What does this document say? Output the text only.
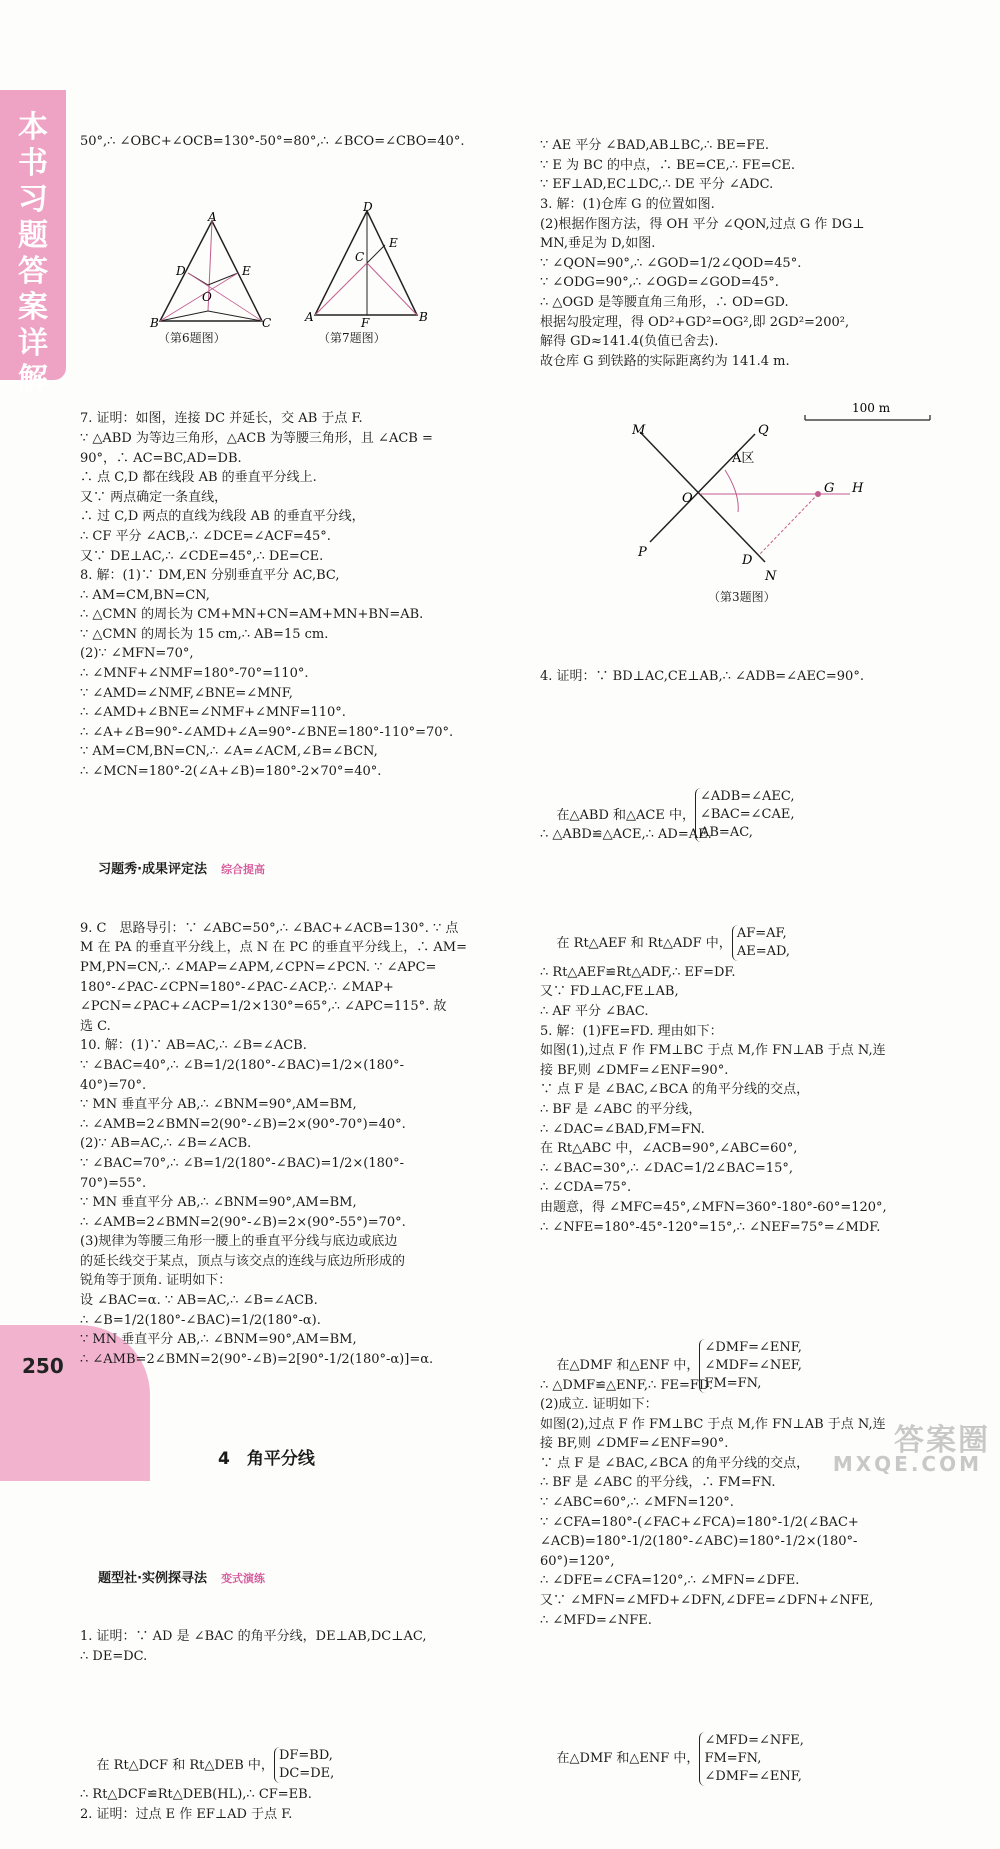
本书习题答案详解
250

50°,∴ ∠OBC+∠OCB=130°-50°=80°,∴ ∠BCO=∠CBO=40°.

A
D	E
O
B	C

D
C
E
A	F	B

（第6题图）

	（第7题图）

7. 证明：如图，连接 DC 并延长，交 AB 于点 F.
∵ △ABD 为等边三角形，△ACB 为等腰三角形，且 ∠ACB =
90°，∴ AC=BC,AD=DB.
∴ 点 C,D 都在线段 AB 的垂直平分线上.
又∵ 两点确定一条直线，
∴ 过 C,D 两点的直线为线段 AB 的垂直平分线，
∴ CF 平分 ∠ACB,∴ ∠DCE=∠ACF=45°.
又∵ DE⊥AC,∴ ∠CDE=45°,∴ DE=CE.
8. 解：(1)∵ DM,EN 分别垂直平分 AC,BC,
∴ AM=CM,BN=CN,
∴ △CMN 的周长为 CM+MN+CN=AM+MN+BN=AB.
∵ △CMN 的周长为 15 cm,∴ AB=15 cm.
(2)∵ ∠MFN=70°,
∴ ∠MNF+∠NMF=180°-70°=110°.
∵ ∠AMD=∠NMF,∠BNE=∠MNF,
∴ ∠AMD+∠BNE=∠NMF+∠MNF=110°.
∴ ∠A+∠B=90°-∠AMD+∠A=90°-∠BNE=180°-110°=70°.
∵ AM=CM,BN=CN,∴ ∠A=∠ACM,∠B=∠BCN,
∴ ∠MCN=180°-2(∠A+∠B)=180°-2×70°=40°.

习题秀·成果评定法 综合提高

9. C　思路导引：∵ ∠ABC=50°,∴ ∠BAC+∠ACB=130°. ∵ 点
M 在 PA 的垂直平分线上，点 N 在 PC 的垂直平分线上，∴ AM=
PM,PN=CN,∴ ∠MAP=∠APM,∠CPN=∠PCN. ∵ ∠APC=
180°-∠PAC-∠CPN=180°-∠PAC-∠ACP,∴ ∠MAP+
∠PCN=∠PAC+∠ACP=1/2×130°=65°,∴ ∠APC=115°. 故
选 C.
10. 解：(1)∵ AB=AC,∴ ∠B=∠ACB.
∵ ∠BAC=40°,∴ ∠B=1/2(180°-∠BAC)=1/2×(180°-
40°)=70°.
∵ MN 垂直平分 AB,∴ ∠BNM=90°,AM=BM,
∴ ∠AMB=2∠BMN=2(90°-∠B)=2×(90°-70°)=40°.
(2)∵ AB=AC,∴ ∠B=∠ACB.
∵ ∠BAC=70°,∴ ∠B=1/2(180°-∠BAC)=1/2×(180°-
70°)=55°.
∵ MN 垂直平分 AB,∴ ∠BNM=90°,AM=BM,
∴ ∠AMB=2∠BMN=2(90°-∠B)=2×(90°-55°)=70°.
(3)规律为等腰三角形一腰上的垂直平分线与底边或底边
的延长线交于某点，顶点与该交点的连线与底边所形成的
锐角等于顶角. 证明如下：
设 ∠BAC=α. ∵ AB=AC,∴ ∠B=∠ACB.
∴ ∠B=1/2(180°-∠BAC)=1/2(180°-α).
∵ MN 垂直平分 AB,∴ ∠BNM=90°,AM=BM,
∴ ∠AMB=2∠BMN=2(90°-∠B)=2[90°-1/2(180°-α)]=α.

4　角平分线

题型社·实例探寻法 变式演练

1. 证明：∵ AD 是 ∠BAC 的角平分线，DE⊥AB,DC⊥AC,
∴ DE=DC.

在 Rt△DCF 和 Rt△DEB 中，
DF=BD,
DC=DE,

∴ Rt△DCF≌Rt△DEB(HL),∴ CF=EB.
2. 证明：过点 E 作 EF⊥AD 于点 F.

∵ AE 平分 ∠BAD,AB⊥BC,∴ BE=FE.
∵ E 为 BC 的中点，∴ BE=CE,∴ FE=CE.
∵ EF⊥AD,EC⊥DC,∴ DE 平分 ∠ADC.
3. 解：(1)仓库 G 的位置如图.
(2)根据作图方法，得 OH 平分 ∠QON,过点 G 作 DG⊥
MN,垂足为 D,如图.
∵ ∠QON=90°,∴ ∠GOD=1/2∠QOD=45°.
∵ ∠ODG=90°,∴ ∠OGD=∠GOD=45°.
∴ △OGD 是等腰直角三角形，∴ OD=GD.
根据勾股定理，得 OD²+GD²=OG²,即 2GD²=200²,
解得 GD≈141.4(负值已舍去).
故仓库 G 到铁路的实际距离约为 141.4 m.

100 m
M	Q
A区
O
G H
P
D
N

（第3题图）

4. 证明：∵ BD⊥AC,CE⊥AB,∴ ∠ADB=∠AEC=90°.

在△ABD 和△ACE 中，
∠ADB=∠AEC,
∠BAC=∠CAE,
AB=AC,

∴ △ABD≌△ACE,∴ AD=AE.

在 Rt△AEF 和 Rt△ADF 中，
AF=AF,
AE=AD,

∴ Rt△AEF≌Rt△ADF,∴ EF=DF.
又∵ FD⊥AC,FE⊥AB,
∴ AF 平分 ∠BAC.
5. 解：(1)FE=FD. 理由如下：
如图(1),过点 F 作 FM⊥BC 于点 M,作 FN⊥AB 于点 N,连
接 BF,则 ∠DMF=∠ENF=90°.
∵ 点 F 是 ∠BAC,∠BCA 的角平分线的交点，
∴ BF 是 ∠ABC 的平分线，
∴ ∠DAC=∠BAD,FM=FN.
在 Rt△ABC 中，∠ACB=90°,∠ABC=60°,
∴ ∠BAC=30°,∴ ∠DAC=1/2∠BAC=15°,
∴ ∠CDA=75°.
由题意，得 ∠MFC=45°,∠MFN=360°-180°-60°=120°,
∴ ∠NFE=180°-45°-120°=15°,∴ ∠NEF=75°=∠MDF.

在△DMF 和△ENF 中，
∠DMF=∠ENF,
∠MDF=∠NEF,
FM=FN,

∴ △DMF≌△ENF,∴ FE=FD.
(2)成立. 证明如下：
如图(2),过点 F 作 FM⊥BC 于点 M,作 FN⊥AB 于点 N,连
接 BF,则 ∠DMF=∠ENF=90°.
∵ 点 F 是 ∠BAC,∠BCA 的角平分线的交点，
∴ BF 是 ∠ABC 的平分线，∴ FM=FN.
∵ ∠ABC=60°,∴ ∠MFN=120°.
∵ ∠CFA=180°-(∠FAC+∠FCA)=180°-1/2(∠BAC+
∠ACB)=180°-1/2(180°-∠ABC)=180°-1/2×(180°-
60°)=120°,
∴ ∠DFE=∠CFA=120°,∴ ∠MFN=∠DFE.
又∵ ∠MFN=∠MFD+∠DFN,∠DFE=∠DFN+∠NFE,
∴ ∠MFD=∠NFE.

在△DMF 和△ENF 中，
∠MFD=∠NFE,
FM=FN,
∠DMF=∠ENF,

答案圈
MXQE.COM
